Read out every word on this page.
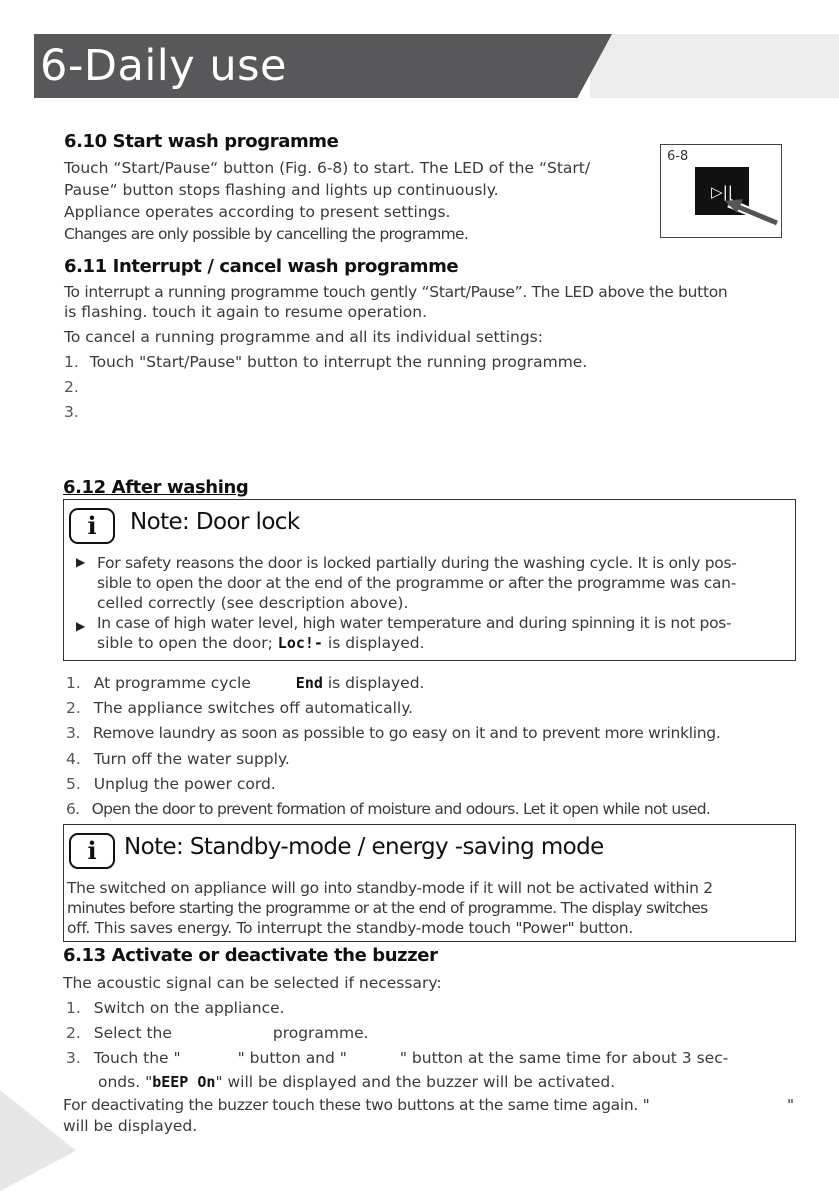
6-Daily use
6.10 Start wash programme
Touch “Start/Pause“ button (Fig. 6-8) to start. The LED of the “Start/
Pause“ button stops flashing and lights up continuously.
Appliance operates according to present settings.
Changes are only possible by cancelling the programme.
6-8
▷||
6.11 Interrupt / cancel wash programme
To interrupt a running programme touch gently “Start/Pause”. The LED above the button
is flashing. touch it again to resume operation.
To cancel a running programme and all its individual settings:
1. Touch "Start/Pause" button to interrupt the running programme.
2.
3.
6.12 After washing
i	Note: Door lock
▶ For safety reasons the door is locked partially during the washing cycle. It is only pos-
sible to open the door at the end of the programme or after the programme was can-
celled correctly (see description above).
▶ In case of high water level, high water temperature and during spinning it is not pos-
sible to open the door; Loc!- is displayed.
1. At programme cycle	End is displayed.
2. The appliance switches off automatically.
3. Remove laundry as soon as possible to go easy on it and to prevent more wrinkling.
4. Turn off the water supply.
5. Unplug the power cord.
6. Open the door to prevent formation of moisture and odours. Let it open while not used.
i	Note: Standby-mode / energy -saving mode
The switched on appliance will go into standby-mode if it will not be activated within 2
minutes before starting the programme or at the end of programme. The display switches
off. This saves energy. To interrupt the standby-mode touch "Power" button.
6.13 Activate or deactivate the buzzer
The acoustic signal can be selected if necessary:
1. Switch on the appliance.
2. Select the	programme.
3. Touch the "	" button and "	" button at the same time for about 3 sec-
onds. "bEEP On" will be displayed and the buzzer will be activated.
For deactivating the buzzer touch these two buttons at the same time again. "	"
will be displayed.
